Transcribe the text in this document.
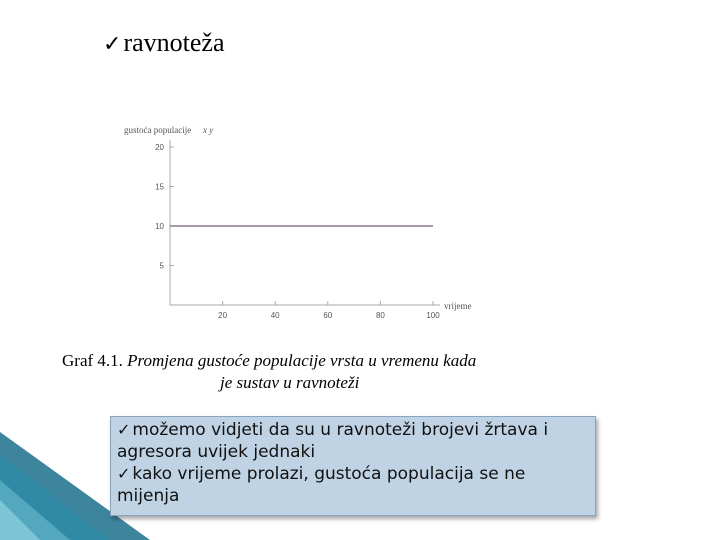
✓ravnoteža
5
10
15
20
20	40	60	80	100
gustoća populacije x y
vrijeme
Graf 4.1. Promjena gustoće populacije vrsta u vremenu kada
je sustav u ravnoteži
✓ možemo vidjeti da su u ravnoteži brojevi žrtava i agresora uvijek jednaki
✓ kako vrijeme prolazi, gustoća populacija se ne mijenja
